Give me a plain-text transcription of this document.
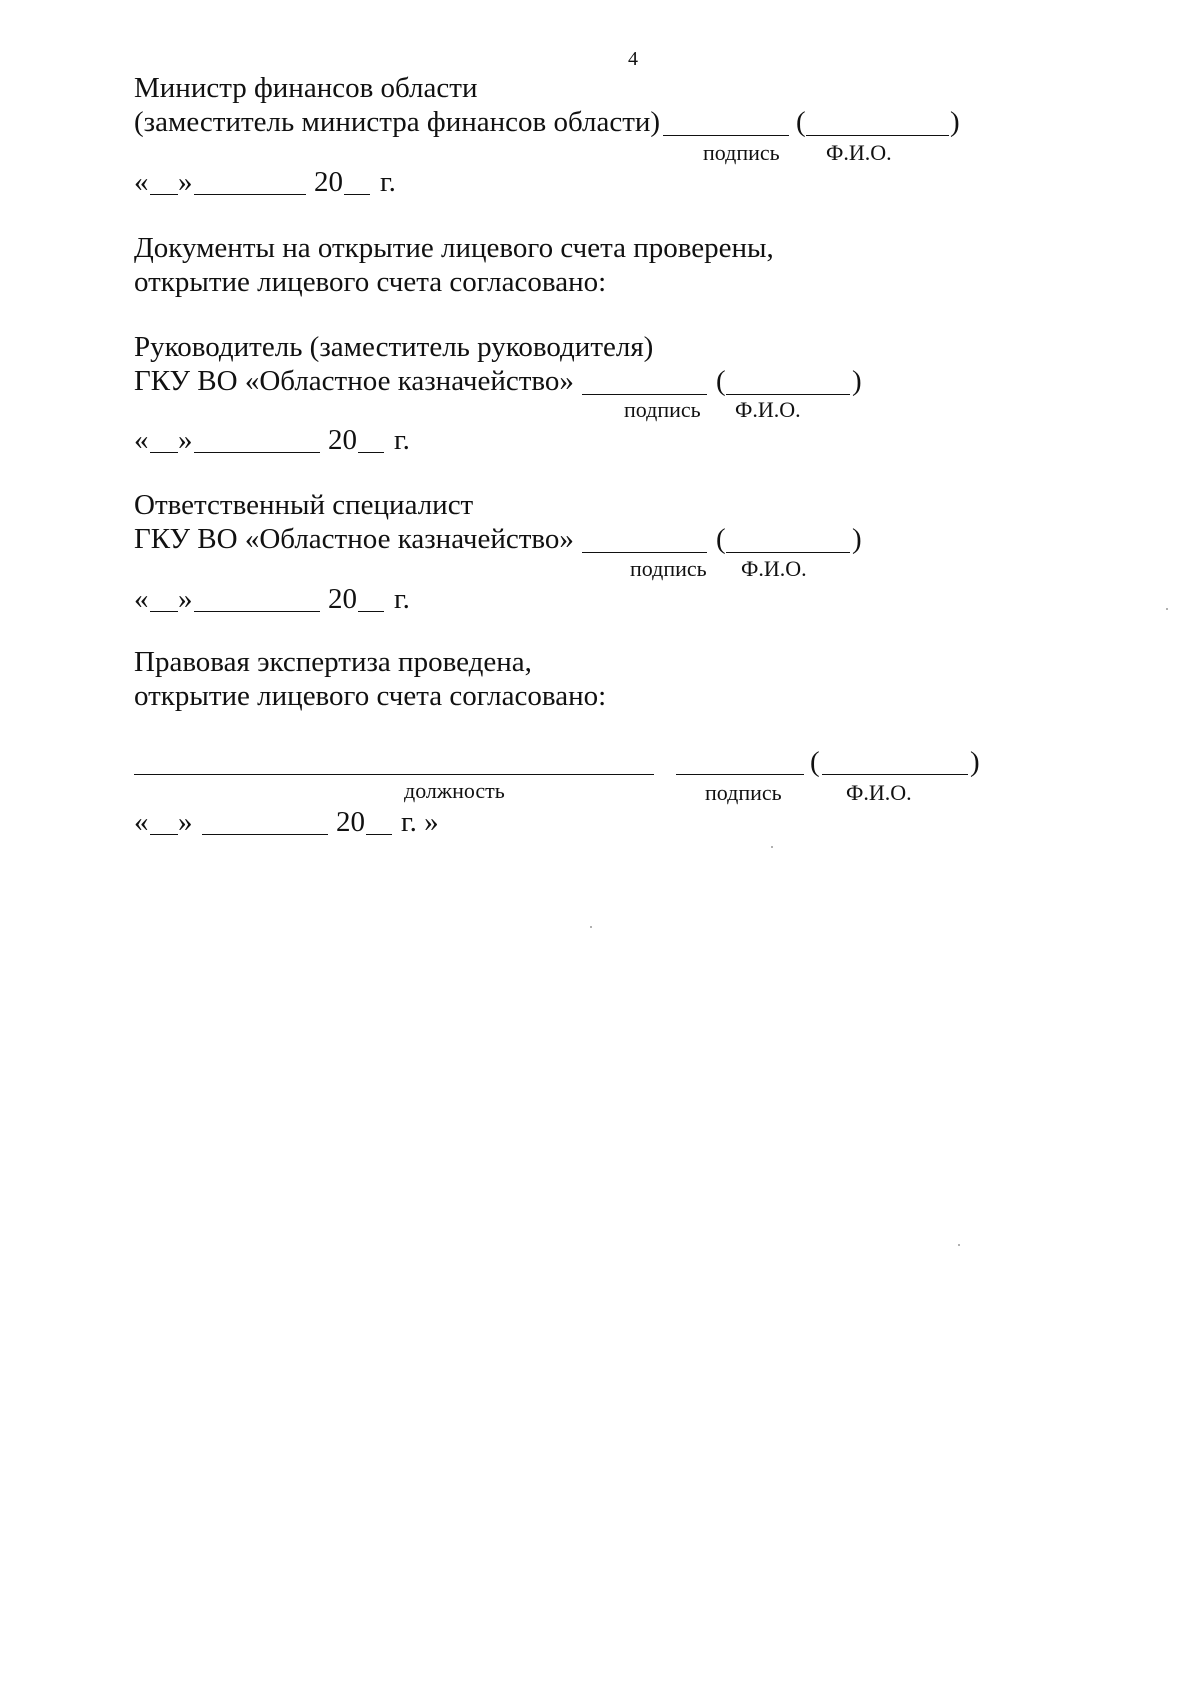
4
Министр финансов области
(заместитель министра финансов области)	(	)
подпись Ф.И.О.
« »	20 г.
Документы на открытие лицевого счета проверены,
открытие лицевого счета согласовано:
Руководитель (заместитель руководителя)
ГКУ ВО «Областное казначейство»	(	)
подпись Ф.И.О.
« »	20 г.
Ответственный специалист
ГКУ ВО «Областное казначейство»	(	)
подпись Ф.И.О.
« »	20 г.
Правовая экспертиза проведена,
открытие лицевого счета согласовано:
(	)
должность	подпись	Ф.И.О.
« »	20 г. »
